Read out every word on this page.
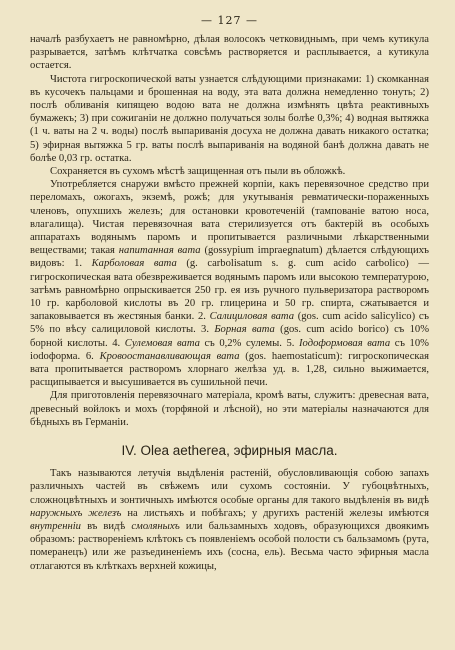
— 127 —

началѣ разбухаетъ не равномѣрно, дѣлая волосокъ четковиднымъ, при чемъ кутикула разрывается, затѣмъ клѣтчатка совсѣмъ растворяется и расплывается, а кутикула остается.

Чистота гигроскопической ваты узнается слѣдующими признаками: 1) скомканная въ кусочекъ пальцами и брошенная на воду, эта вата должна немедленно тонуть; 2) послѣ обливанія кипящею водою вата не должна измѣнять цвѣта реактивныхъ бумажекъ; 3) при сожиганіи не должно получаться золы болѣе 0,3%; 4) водная вытяжка (1 ч. ваты на 2 ч. воды) послѣ выпариванія досуха не должна давать никакого остатка; 5) эфирная вытяжка 5 гр. ваты послѣ выпариванія на водяной банѣ должна давать не болѣе 0,03 гр. остатка.

Сохраняется въ сухомъ мѣстѣ защищенная отъ пыли въ обложкѣ.

Употребляется снаружи вмѣсто прежней корпіи, какъ перевязочное средство при переломахъ, ожогахъ, экземѣ, рожѣ; для укутыванія ревматически-пораженныхъ членовъ, опухшихъ железъ; для остановки кровотеченій (тампованіе ватою носа, влагалища). Чистая перевязочная вата стерилизуется отъ бактерій въ особыхъ аппаратахъ водянымъ паромъ и пропитывается различными лѣкарственными веществами; такая напитанная вата (gossypium impraegnatum) дѣлается слѣдующихъ видовъ: 1. Карболовая вата (g. carbolisatum s. g. cum acido carbolico) — гигроскопическая вата обезвреживается водянымъ паромъ или высокою температурою, затѣмъ равномѣрно опрыскивается 250 гр. ея изъ ручного пульверизатора растворомъ 10 гр. карболовой кислоты въ 20 гр. глицерина и 50 гр. спирта, сжатывается и запаковывается въ жестяныя банки. 2. Салициловая вата (gos. cum acido salicylico) съ 5% по вѣсу салициловой кислоты. 3. Борная вата (gos. cum acido borico) съ 10% борной кислоты. 4. Сулемовая вата съ 0,2% сулемы. 5. Іодоформовая вата съ 10% iodoформа. 6. Кровоостанавливающая вата (gos. haemostaticum): гигроскопическая вата пропитывается растворомъ хлорнаго желѣза уд. в. 1,28, сильно выжимается, расщипывается и высушивается въ сушильной печи.

Для приготовленія перевязочнаго матеріала, кромѣ ваты, служитъ: древесная вата, древесный войлокъ и мохъ (торфяной и лѣсной), но эти матеріалы назначаются для бѣдныхъ въ Германіи.

IV. Olea aetherea, эфирныя масла.

Такъ называются летучія выдѣленія растеній, обусловливающія собою запахъ различныхъ частей въ свѣжемъ или сухомъ состояніи. У губоцвѣтныхъ, сложноцвѣтныхъ и зонтичныхъ имѣются особые органы для такого выдѣленія въ видѣ наружныхъ железъ на листьяхъ и побѣгахъ; у другихъ растеній железы имѣются внутренніи въ видѣ смоляныхъ или бальзамныхъ ходовъ, образующихся двоякимъ образомъ: раствореніемъ клѣтокъ съ появленіемъ особой полости съ бальзамомъ (рута, померанецъ) или же разъединеніемъ ихъ (сосна, ель). Весьма часто эфирныя масла отлагаются въ клѣткахъ верхней кожицы,
